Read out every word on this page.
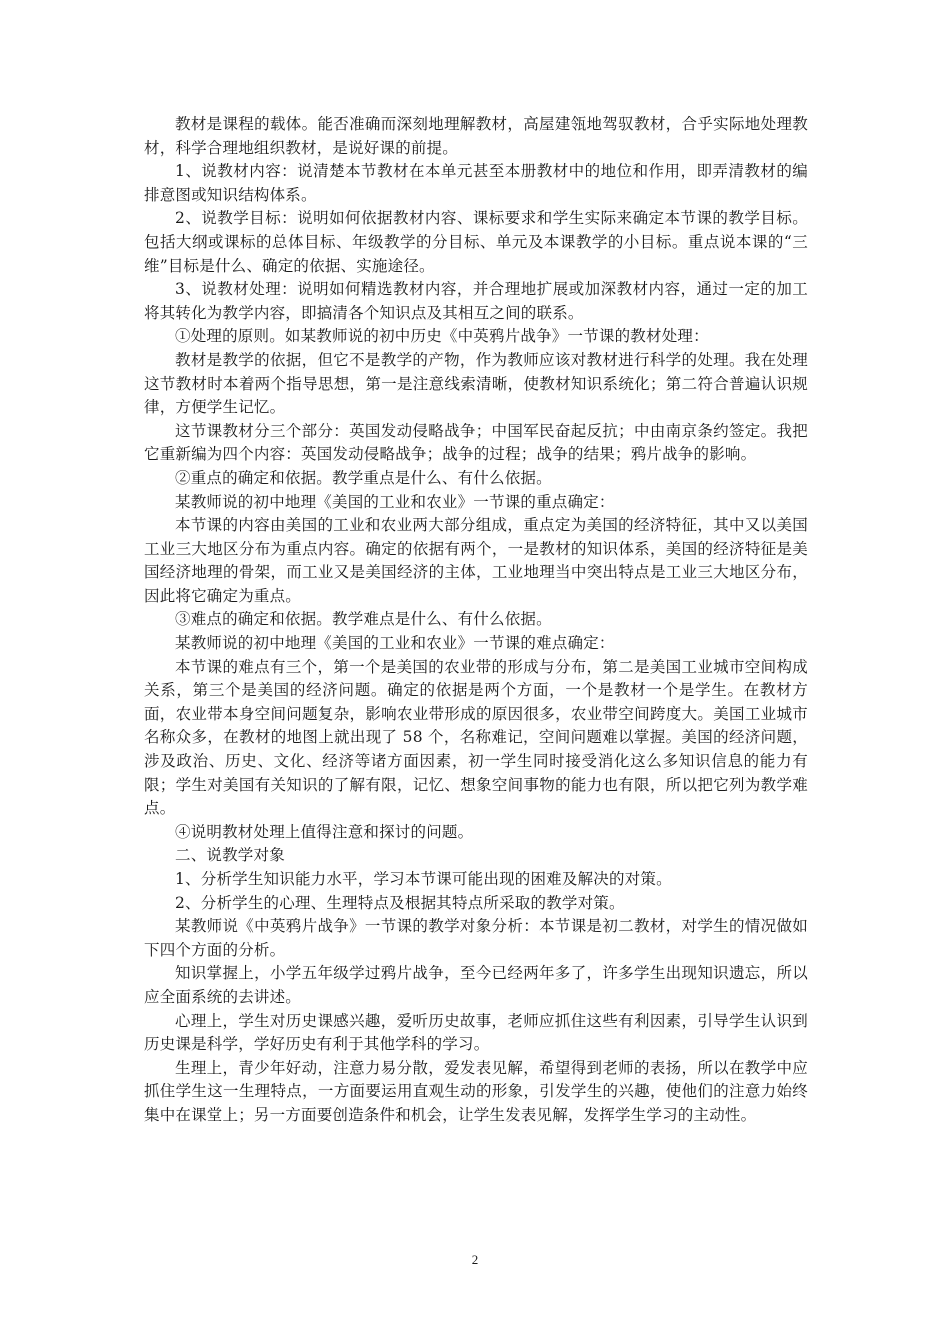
教材是课程的载体。能否准确而深刻地理解教材，高屋建瓴地驾驭教材，合乎实际地处理教材，科学合理地组织教材，是说好课的前提。

1、说教材内容：说清楚本节教材在本单元甚至本册教材中的地位和作用，即弄清教材的编排意图或知识结构体系。

2、说教学目标：说明如何依据教材内容、课标要求和学生实际来确定本节课的教学目标。包括大纲或课标的总体目标、年级教学的分目标、单元及本课教学的小目标。重点说本课的“三维”目标是什么、确定的依据、实施途径。

3、说教材处理：说明如何精选教材内容，并合理地扩展或加深教材内容，通过一定的加工将其转化为教学内容，即搞清各个知识点及其相互之间的联系。

①处理的原则。如某教师说的初中历史《中英鸦片战争》一节课的教材处理：

教材是教学的依据，但它不是教学的产物，作为教师应该对教材进行科学的处理。我在处理这节教材时本着两个指导思想，第一是注意线索清晰，使教材知识系统化；第二符合普遍认识规律，方便学生记忆。

这节课教材分三个部分：英国发动侵略战争；中国军民奋起反抗；中由南京条约签定。我把它重新编为四个内容：英国发动侵略战争；战争的过程；战争的结果；鸦片战争的影响。

②重点的确定和依据。教学重点是什么、有什么依据。

某教师说的初中地理《美国的工业和农业》一节课的重点确定：

本节课的内容由美国的工业和农业两大部分组成，重点定为美国的经济特征，其中又以美国工业三大地区分布为重点内容。确定的依据有两个，一是教材的知识体系，美国的经济特征是美国经济地理的骨架，而工业又是美国经济的主体，工业地理当中突出特点是工业三大地区分布，因此将它确定为重点。

③难点的确定和依据。教学难点是什么、有什么依据。

某教师说的初中地理《美国的工业和农业》一节课的难点确定：

本节课的难点有三个，第一个是美国的农业带的形成与分布，第二是美国工业城市空间构成关系，第三个是美国的经济问题。确定的依据是两个方面，一个是教材一个是学生。在教材方面，农业带本身空间问题复杂，影响农业带形成的原因很多，农业带空间跨度大。美国工业城市名称众多，在教材的地图上就出现了 58 个，名称难记，空间问题难以掌握。美国的经济问题，涉及政治、历史、文化、经济等诸方面因素，初一学生同时接受消化这么多知识信息的能力有限；学生对美国有关知识的了解有限，记忆、想象空间事物的能力也有限，所以把它列为教学难点。

④说明教材处理上值得注意和探讨的问题。

二、说教学对象

1、分析学生知识能力水平，学习本节课可能出现的困难及解决的对策。

2、分析学生的心理、生理特点及根据其特点所采取的教学对策。

某教师说《中英鸦片战争》一节课的教学对象分析：本节课是初二教材，对学生的情况做如下四个方面的分析。

知识掌握上，小学五年级学过鸦片战争，至今已经两年多了，许多学生出现知识遗忘，所以应全面系统的去讲述。

心理上，学生对历史课感兴趣，爱听历史故事，老师应抓住这些有利因素，引导学生认识到历史课是科学，学好历史有利于其他学科的学习。

生理上，青少年好动，注意力易分散，爱发表见解，希望得到老师的表扬，所以在教学中应抓住学生这一生理特点，一方面要运用直观生动的形象，引发学生的兴趣，使他们的注意力始终集中在课堂上；另一方面要创造条件和机会，让学生发表见解，发挥学生学习的主动性。

2
